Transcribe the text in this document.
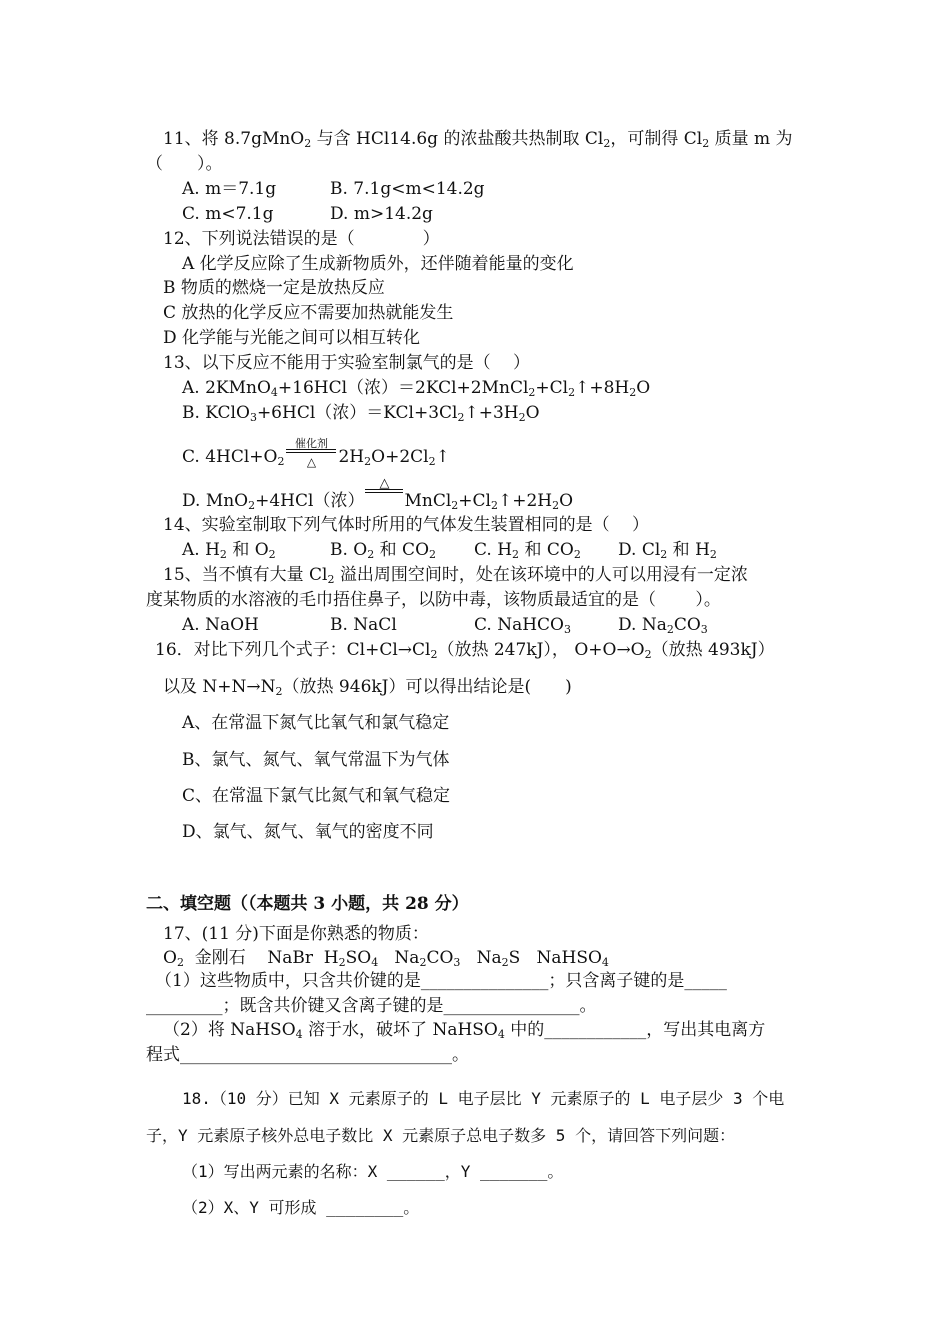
11、将 8.7gMnO$_2$ 与含 HCl14.6g 的浓盐酸共热制取 $Cl_2$，可制得 $Cl_2$ 质量 m 为
（　　）。
A. m＝7.1g	B. 7.1g<m<14.2g
C. m<7.1g	D. m>14.2g
12、下列说法错误的是（　　　　）
A 化学反应除了生成新物质外，还伴随着能量的变化
B 物质的燃烧一定是放热反应
C 放热的化学反应不需要加热就能发生
D 化学能与光能之间可以相互转化
13、以下反应不能用于实验室制氯气的是（　 ）
A. 2KMnO$_4$+16HCl（浓）$=2KCl+2MnCl_2+Cl_2↑+8H_2O$
B. KClO$_3$+6HCl（浓）$=KCl+3Cl_2↑+3H_2O$
C. $4HCl+O_2$
催化剂
△	$2H_2O+2Cl_2↑$
D. MnO$_2$+4HCl（浓）
△
$MnCl_2+Cl_2↑+2H_2O$
14、实验室制取下列气体时所用的气体发生装置相同的是（　 ）
A. $H_2$ 和 $O_2$	B. $O_2$ 和 $CO_2$ C. $H_2$ 和 $CO_2$ D. $Cl_2$ 和 $H_2$
15、当不慎有大量 $Cl_2$ 溢出周围空间时，处在该环境中的人可以用浸有一定浓
度某物质的水溶液的毛巾捂住鼻子，以防中毒，该物质最适宜的是（　　 ）。
A. NaOH	B. NaCl	C. NaHCO$_3$	D. $Na_2CO_3$
16．对比下列几个式子：$Cl+Cl\to Cl_2$（放热 247kJ）， $O+O\to O_2$（放热 493kJ）
以及 $N+N\to N_2$（放热 946kJ）可以得出结论是(　　)
A、在常温下氮气比氧气和氯气稳定
B、氯气、氮气、氧气常温下为气体
C、在常温下氯气比氮气和氧气稳定
D、氯气、氮气、氧气的密度不同
二、填空题（（本题共 3 小题，共 28 分）
17、(11 分)下面是你熟悉的物质：
$O_2$  金刚石    NaBr  $H_2SO_4$   $Na_2CO_3$   $Na_2S$   NaHSO$_4$
（1）这些物质中，只含共价键的是_______________；只含离子键的是_____
_________；既含共价键又含离子键的是________________。
（2）将 NaHSO$_4$ 溶于水，破坏了 NaHSO$_4$ 中的____________，写出其电离方
程式________________________________。
18.（10 分）已知 X 元素原子的 L 电子层比 Y 元素原子的 L 电子层少 3 个电
子，Y 元素原子核外总电子数比 X 元素原子总电子数多 5 个，请回答下列问题：
（1）写出两元素的名称：X ______，Y _______。
（2）X、Y 可形成 ________。
